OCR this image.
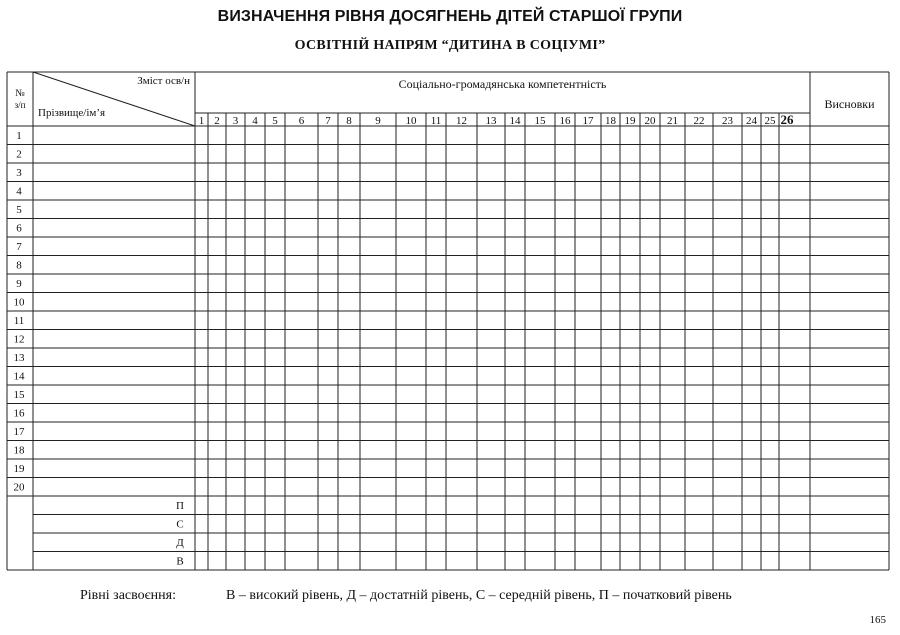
ВИЗНАЧЕННЯ РІВНЯ ДОСЯГНЕНЬ ДІТЕЙ СТАРШОЇ ГРУПИ
ОСВІТНІЙ НАПРЯМ “ДИТИНА В СОЦІУМІ”
№
з/п
Зміст осв/н
Прізвище/ім’я
Соціально-громадянська компетентність
Висновки
1 2 3 4 5 6 7 8 9 10 11 12 13 14 15 16 17 18 19 20 21 22 23 24 25 26
1
2
3
4
5
6
7
8
9
10
11
12
13
14
15
16
17
18
19
20
П
С
Д
В
Рівні засвоєння:	В – високий рівень, Д – достатній рівень, С – середній рівень, П – початковий рівень
165
